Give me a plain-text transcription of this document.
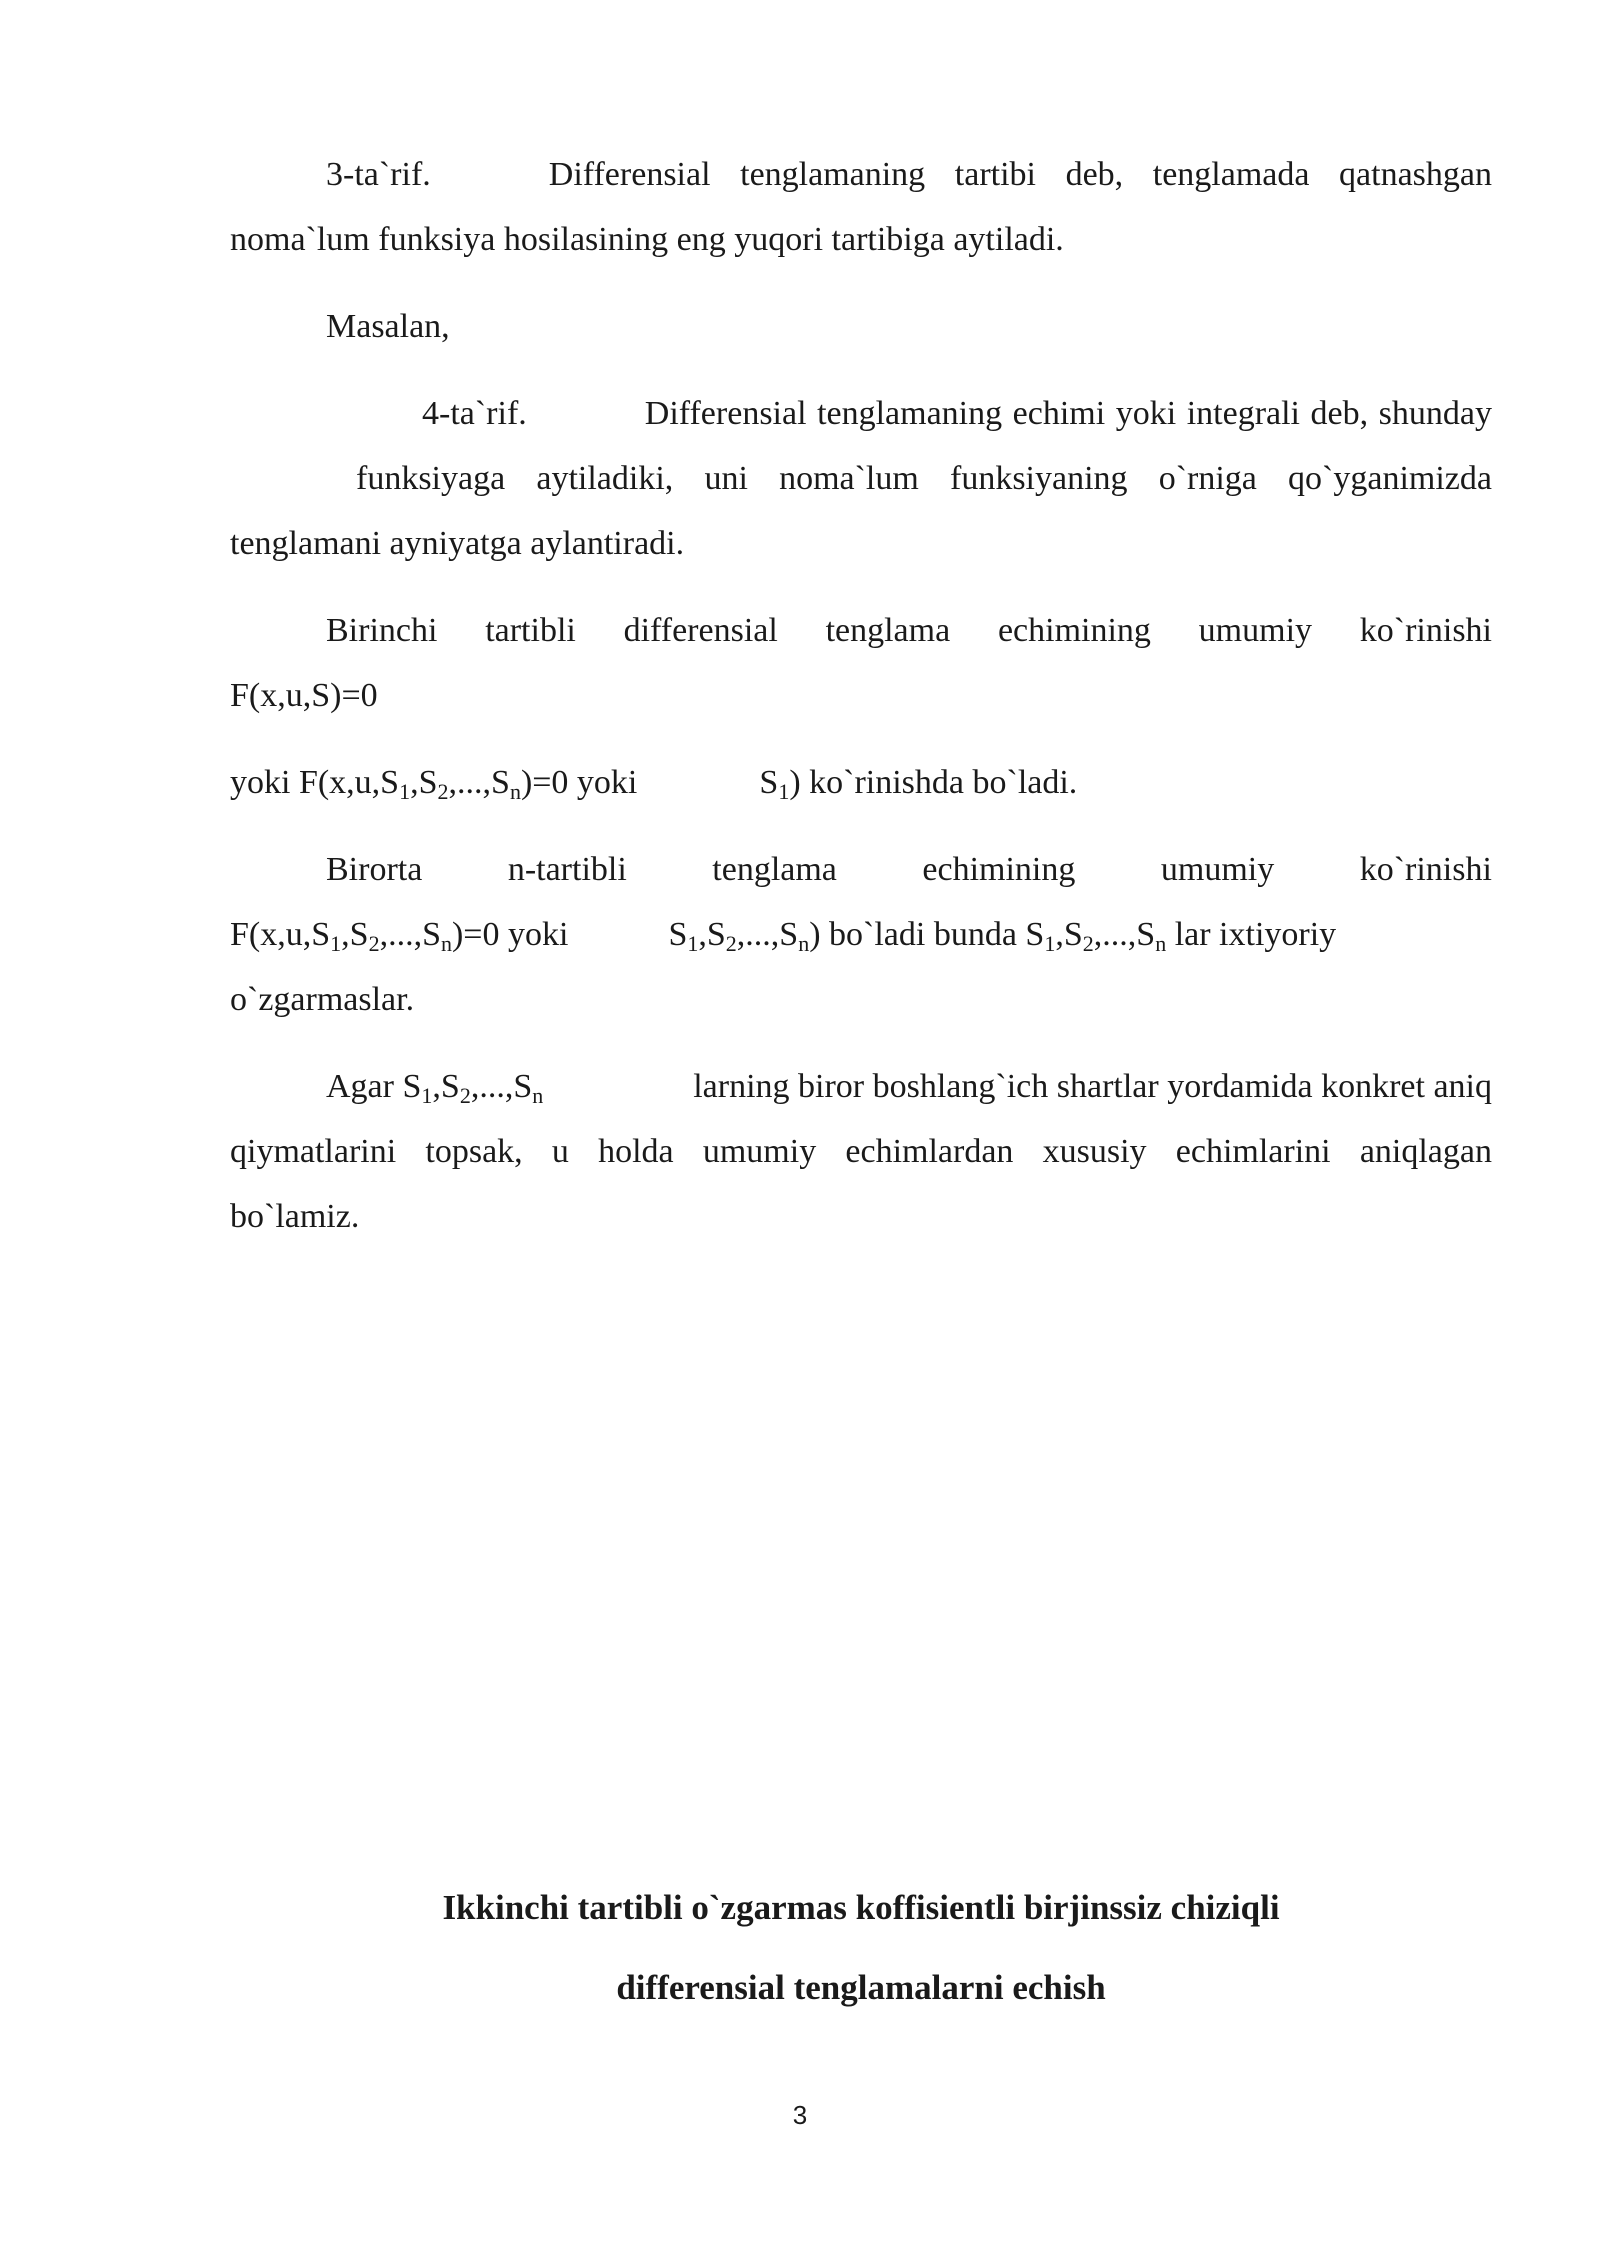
3-ta`rif.	Differensial tenglamaning tartibi deb, tenglamada qatnashgan
noma`lum funksiya hosilasining eng yuqori tartibiga aytiladi.
Masalan,
4-ta`rif.	Differensial tenglamaning echimi yoki integrali deb, shunday
funksiyaga aytiladiki, uni noma`lum funksiyaning o`rniga qo`yganimizda
tenglamani ayniyatga aylantiradi.
Birinchi tartibli differensial tenglama echimining umumiy ko`rinishi
F(x,u,S)=0
yoki $F(x,u,S_1,S_2,...,S_n)=0$ yoki	$S_1$) ko`rinishda bo`ladi.
Birorta	n-tartibli	tenglama	echimining	umumiy	ko`rinishi
$F(x,u,S_1,S_2,...,S_n)=0$ yoki	$S_1,S_2,...,S_n$ ) bo`ladi bunda $S_1,S_2,...,S_n$ lar ixtiyoriy
o`zgarmaslar.
Agar $S_1,S_2,...,S_n$	larning biror boshlang`ich shartlar yordamida konkret aniq
qiymatlarini topsak, u holda umumiy echimlardan xususiy echimlarini aniqlagan
bo`lamiz.
Ikkinchi tartibli o`zgarmas koffisientli birjinssiz chiziqli
differensial tenglamalarni echish
3
